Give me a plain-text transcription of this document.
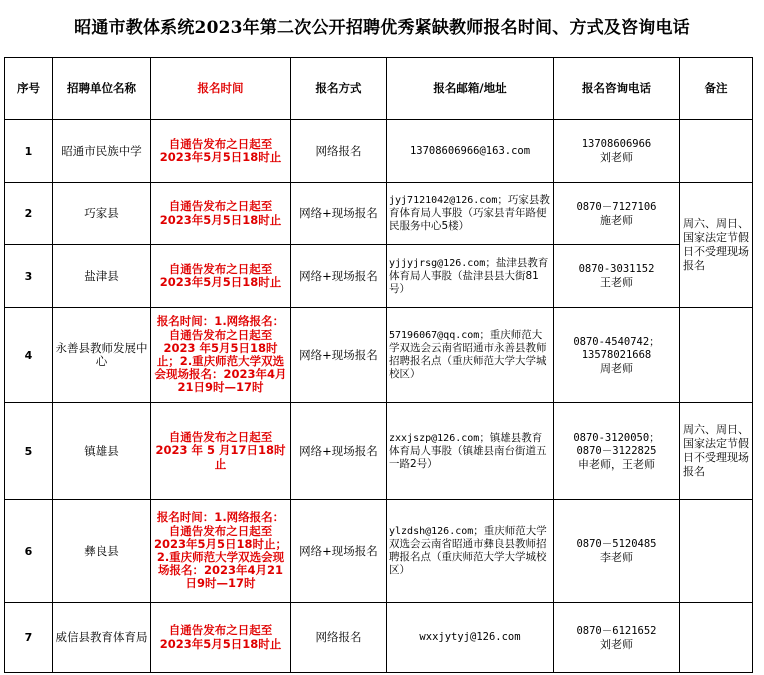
昭通市教体系统2023年第二次公开招聘优秀紧缺教师报名时间、方式及咨询电话
序号	招聘单位名称	报名时间	报名方式	报名邮箱/地址	报名咨询电话	备注
1	昭通市民族中学	自通告发布之日起至2023年5月5日18时止	网络报名	13708606966@163.com	13708606966
刘老师	

2	巧家县	自通告发布之日起至2023年5月5日18时止	网络+现场报名	jyj7121042@126.com；巧家县教育体育局人事股（巧家县青年路便民服务中心5楼）	0870－7127106
施老师	周六、周日、国家法定节假日不受理现场报名
3	盐津县	自通告发布之日起至2023年5月5日18时止	网络+现场报名	yjjyjrsg@126.com；盐津县教育体育局人事股（盐津县县大街81号）	0870-3031152
王老师	

4	永善县教师发展中心	报名时间：1.网络报名：自通告发布之日起至 2023 年5月5日18时止；2.重庆师范大学双选会现场报名：2023年4月21日9时—17时	网络+现场报名	57196067@qq.com；重庆师范大学双选会云南省昭通市永善县教师招聘报名点（重庆师范大学大学城校区）	0870-4540742；
13578021668
周老师	

5	镇雄县	自通告发布之日起至2023 年 5 月17日18时止	网络+现场报名	zxxjszp@126.com；镇雄县教育体育局人事股（镇雄县南台街道五一路2号）	0870-3120050；
0870－3122825
申老师，王老师	周六、周日、国家法定节假日不受理现场报名
6	彝良县	报名时间：1.网络报名：自通告发布之日起至2023年5月5日18时止；2.重庆师范大学双选会现场报名：2023年4月21日9时—17时	网络+现场报名	ylzdsh@126.com；重庆师范大学双选会云南省昭通市彝良县教师招聘报名点（重庆师范大学大学城校区）	0870－5120485
李老师	

7	威信县教育体育局	自通告发布之日起至2023年5月5日18时止	网络报名	wxxjytyj@126.com	0870－6121652
刘老师	
